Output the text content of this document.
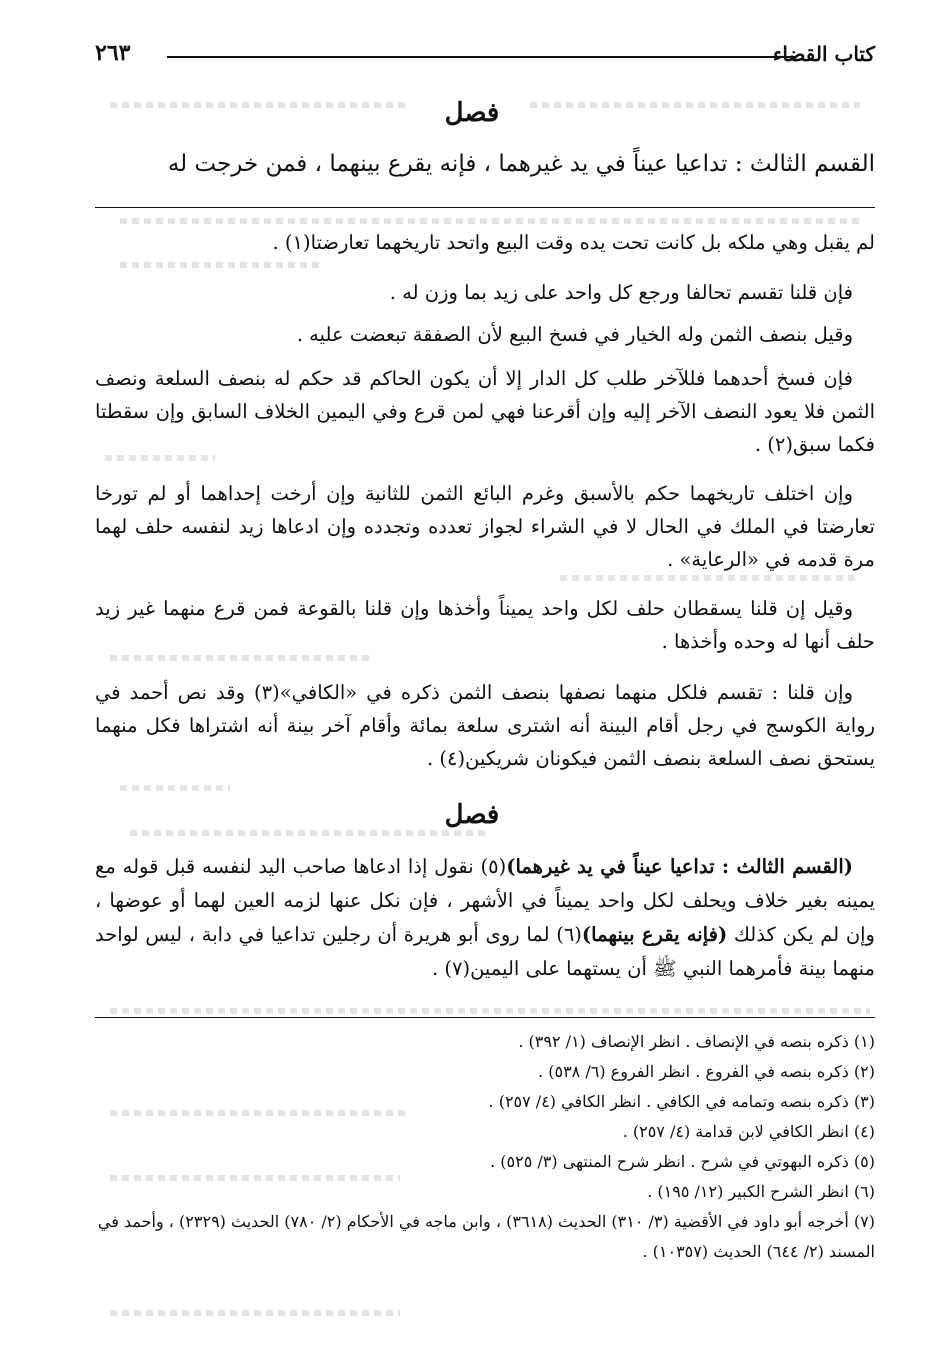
كتاب القضاء
٢٦٣
فصل
القسم الثالث : تداعيا عيناً في يد غيرهما ، فإنه يقرع بينهما ، فمن خرجت له
لم يقبل وهي ملكه بل كانت تحت يده وقت البيع واتحد تاريخهما تعارضتا(١) .
فإن قلنا تقسم تحالفا ورجع كل واحد على زيد بما وزن له .
وقيل بنصف الثمن وله الخيار في فسخ البيع لأن الصفقة تبعضت عليه .
فإن فسخ أحدهما فللآخر طلب كل الدار إلا أن يكون الحاكم قد حكم له بنصف السلعة ونصف الثمن فلا يعود النصف الآخر إليه وإن أقرعنا فهي لمن قرع وفي اليمين الخلاف السابق وإن سقطتا فكما سبق(٢) .
وإن اختلف تاريخهما حكم بالأسبق وغرم البائع الثمن للثانية وإن أرخت إحداهما أو لم تورخا تعارضتا في الملك في الحال لا في الشراء لجواز تعدده وتجدده وإن ادعاها زيد لنفسه حلف لهما مرة قدمه في «الرعاية» .
وقيل إن قلنا يسقطان حلف لكل واحد يميناً وأخذها وإن قلنا بالقوعة فمن قرع منهما غير زيد حلف أنها له وحده وأخذها .
وإن قلنا : تقسم فلكل منهما نصفها بنصف الثمن ذكره في «الكافي»(٣) وقد نص أحمد في رواية الكوسج في رجل أقام البينة أنه اشترى سلعة بمائة وأقام آخر بينة أنه اشتراها فكل منهما يستحق نصف السلعة بنصف الثمن فيكونان شريكين(٤) .
فصل
(القسم الثالث : تداعيا عيناً في يد غيرهما)(٥) نقول إذا ادعاها صاحب اليد لنفسه قبل قوله مع يمينه بغير خلاف ويحلف لكل واحد يميناً في الأشهر ، فإن نكل عنها لزمه العين لهما أو عوضها ، وإن لم يكن كذلك (فإنه يقرع بينهما)(٦) لما روى أبو هريرة أن رجلين تداعيا في دابة ، ليس لواحد منهما بينة فأمرهما النبي ﷺ أن يستهما على اليمين(٧) .
(١) ذكره بنصه في الإنصاف . انظر الإنصاف (١/ ٣٩٢) .
(٢) ذكره بنصه في الفروع . انظر الفروع (٦/ ٥٣٨) .
(٣) ذكره بنصه وتمامه في الكافي . انظر الكافي (٤/ ٢٥٧) .
(٤) انظر الكافي لابن قدامة (٤/ ٢٥٧) .
(٥) ذكره البهوتي في شرح . انظر شرح المنتهى (٣/ ٥٢٥) .
(٦) انظر الشرح الكبير (١٢/ ١٩٥) .
(٧) أخرجه أبو داود في الأقضية (٣/ ٣١٠) الحديث (٣٦١٨) ، وابن ماجه في الأحكام (٢/ ٧٨٠) الحديث (٢٣٢٩) ، وأحمد في المسند (٢/ ٦٤٤) الحديث (١٠٣٥٧) .
